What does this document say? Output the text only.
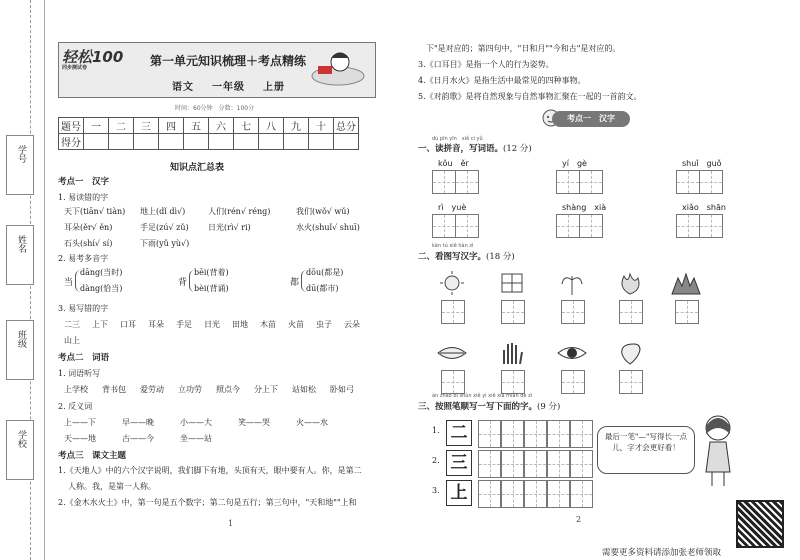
学号
姓名
班级
学校
轻松100
同步测试卷	第一单元知识梳理＋考点精练
语文 一年级 上册
时间：60分钟　分数：100分
题号	一	二	三	四	五	六	七	八	九	十	总分
得分											
知识点汇总表
考点一　汉字
1. 易读错的字
天下(tiān√ tiàn) 地上(dǐ dì√)	人们(rén√ réng)	我们(wǒ√ wǔ)
耳朵(ěr√ ěn)	手足(zú√ zǔ) 日光(rì√ ri)	水火(shuǐ√ shuī)
石头(shí√ sí)	下雨(yǔ yù√)
2. 易考多音字
当
dāng(当时)
dàng(恰当)
背
bēi(背着)
bèi(背诵)
都
dōu(都是)
dū(都市)
3. 易写错的字
二三 上下 口耳 耳朵 手足 日光 田地 木苗 火苗 虫子 云朵
山上
考点二　词语
1. 词语听写
上学校 背书包 爱劳动 立功劳 照点今 分上下 站如松 卧如弓
2. 反义词
上——下	早——晚	小——大	笑——哭	火——水
天——地	古——今	坐——站
考点三　课文主题
1.《天地人》中的六个汉字说明，我们脚下有地，头顶有天，眼中要有人。你，是第二
人称。我，是第一人称。
2.《金木水火土》中，第一句是五个数字；第二句是五行；第三句中，"天和地""上和
1
下"是对应的；第四句中，"日和月""今和古"是对应的。
3.《口耳目》是指一个人的行为姿势。
4.《日月水火》是指生活中最常见的四种事物。
5.《对韵歌》是将自然现象与自然事物汇聚在一起的一首韵文。
考点一　汉字
dú pīn yīn　xiě cí yǔ
一、读拼音，写词语。(12 分)
kǒu　ěr	yí　gè	shuǐ　guǒ
rì　yuè	shàng　xià	xiǎo　shān
kàn tú xiě hàn zì
二、看图写汉字。(18 分)
àn zhào bǐ shùn xiě yi xiě xià miàn de zì
三、按照笔顺写一写下面的字。(9 分)
1. 二
2. 三
3. 上
最后一笔"—"写得长一点儿，字才会更好看！
2
需要更多资料请添加张老师领取
